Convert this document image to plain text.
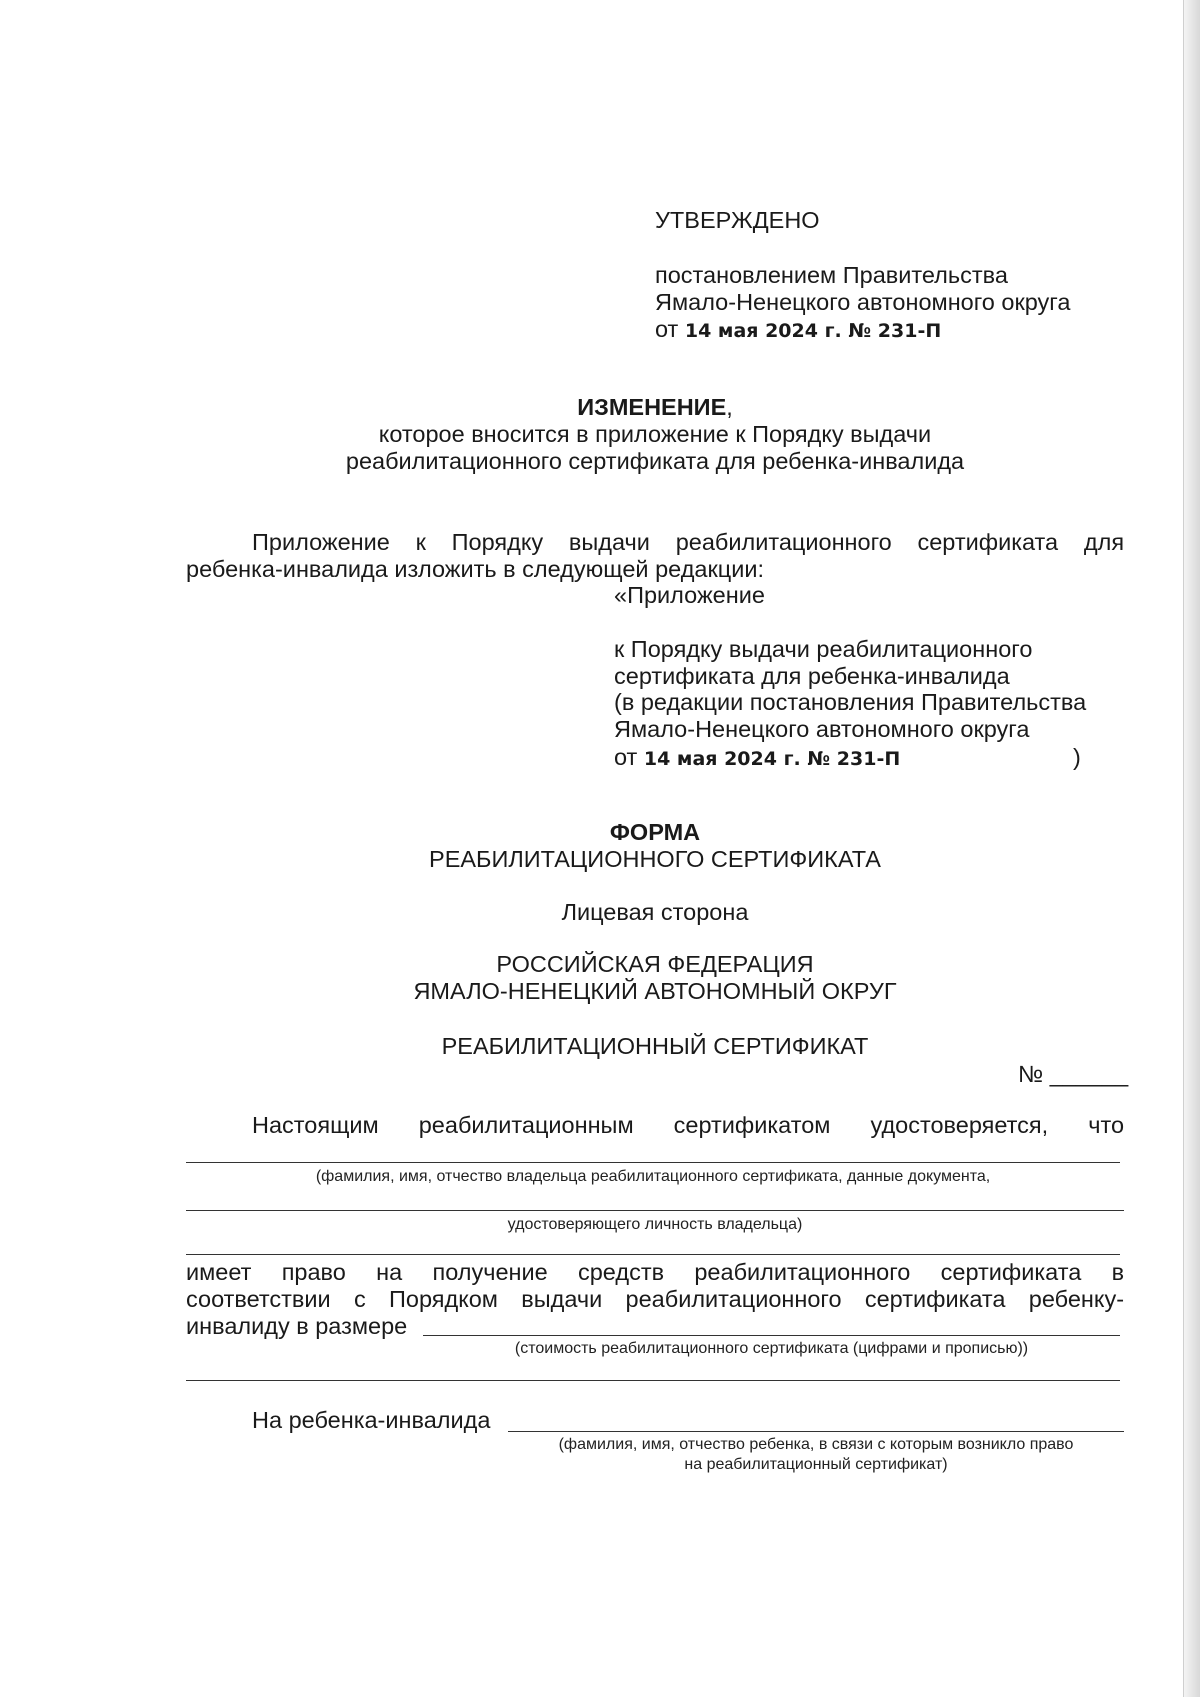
УТВЕРЖДЕНО
постановлением Правительства
Ямало-Ненецкого автономного округа
от 14 мая 2024 г. № 231-П
ИЗМЕНЕНИЕ,
которое вносится в приложение к Порядку выдачи
реабилитационного сертификата для ребенка-инвалида
Приложение к Порядку выдачи реабилитационного сертификата для
ребенка-инвалида изложить в следующей редакции:
«Приложение
к Порядку выдачи реабилитационного
сертификата для ребенка-инвалида
(в редакции постановления Правительства
Ямало-Ненецкого автономного округа
от 14 мая 2024 г. № 231-П	)
ФОРМА
РЕАБИЛИТАЦИОННОГО СЕРТИФИКАТА
Лицевая сторона
РОССИЙСКАЯ ФЕДЕРАЦИЯ
ЯМАЛО-НЕНЕЦКИЙ АВТОНОМНЫЙ ОКРУГ
РЕАБИЛИТАЦИОННЫЙ СЕРТИФИКАТ
№ ______
Настоящим реабилитационным сертификатом удостоверяется, что
(фамилия, имя, отчество владельца реабилитационного сертификата, данные документа,
удостоверяющего личность владельца)
имеет право на получение средств реабилитационного сертификата в
соответствии с Порядком выдачи реабилитационного сертификата ребенку-
инвалиду в размере
(стоимость реабилитационного сертификата (цифрами и прописью))
На ребенка-инвалида
(фамилия, имя, отчество ребенка, в связи с которым возникло право
на реабилитационный сертификат)
